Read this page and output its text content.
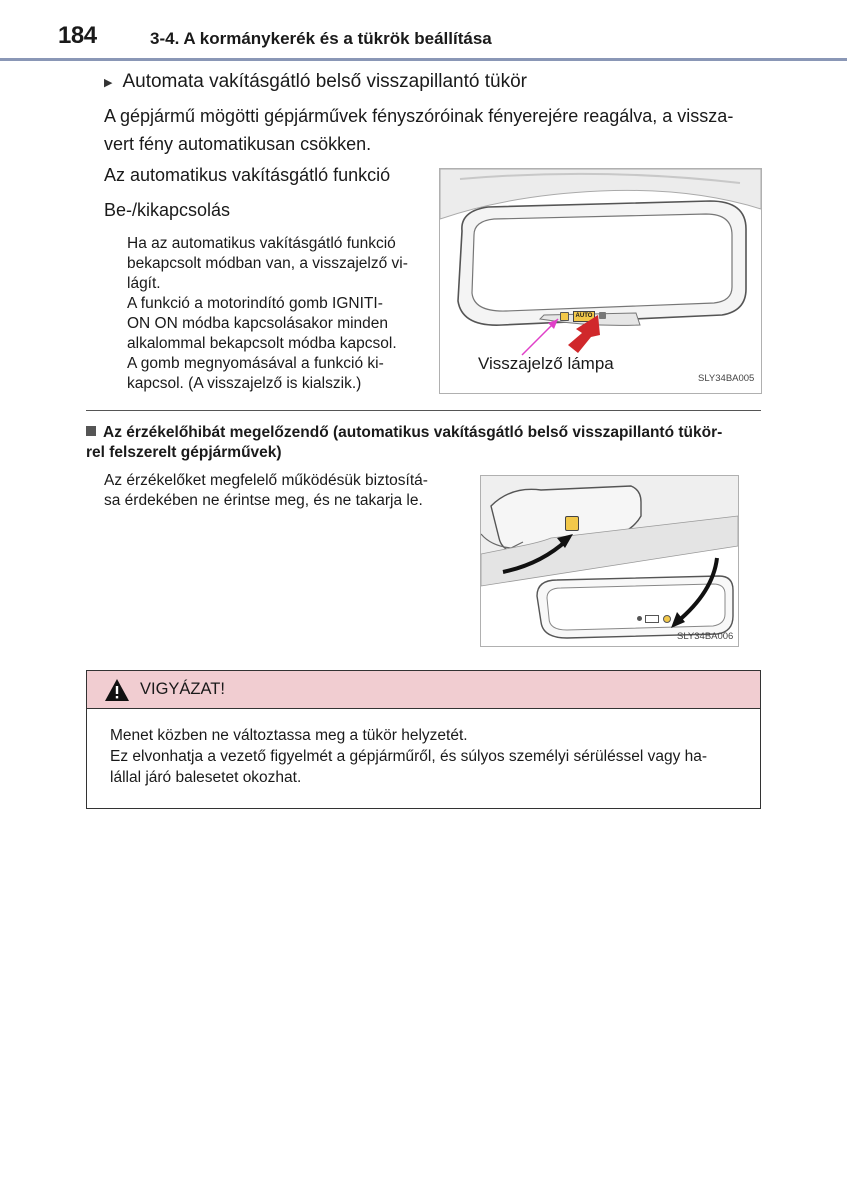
184	3-4. A kormánykerék és a tükrök beállítása
▶ Automata vakításgátló belső visszapillantó tükör
A gépjármű mögötti gépjárművek fényszóróinak fényerejére reagálva, a vissza-
vert fény automatikusan csökken.
Az automatikus vakításgátló funkció
Be-/kikapcsolás
Ha az automatikus vakításgátló funkció
bekapcsolt módban van, a visszajelző vi-
lágít.
A funkció a motorindító gomb IGNITI-
ON ON módba kapcsolásakor minden
alkalommal bekapcsolt módba kapcsol.
A gomb megnyomásával a funkció ki-
kapcsol. (A visszajelző is kialszik.)
AUTO
Visszajelző lámpa
SLY34BA005
Az érzékelőhibát megelőzendő (automatikus vakításgátló belső visszapillantó tükör-
rel felszerelt gépjárművek)
Az érzékelőket megfelelő működésük biztosítá-
sa érdekében ne érintse meg, és ne takarja le.
SLY34BA006
VIGYÁZAT!
Menet közben ne változtassa meg a tükör helyzetét.
Ez elvonhatja a vezető figyelmét a gépjárműről, és súlyos személyi sérüléssel vagy ha-
lállal járó balesetet okozhat.
